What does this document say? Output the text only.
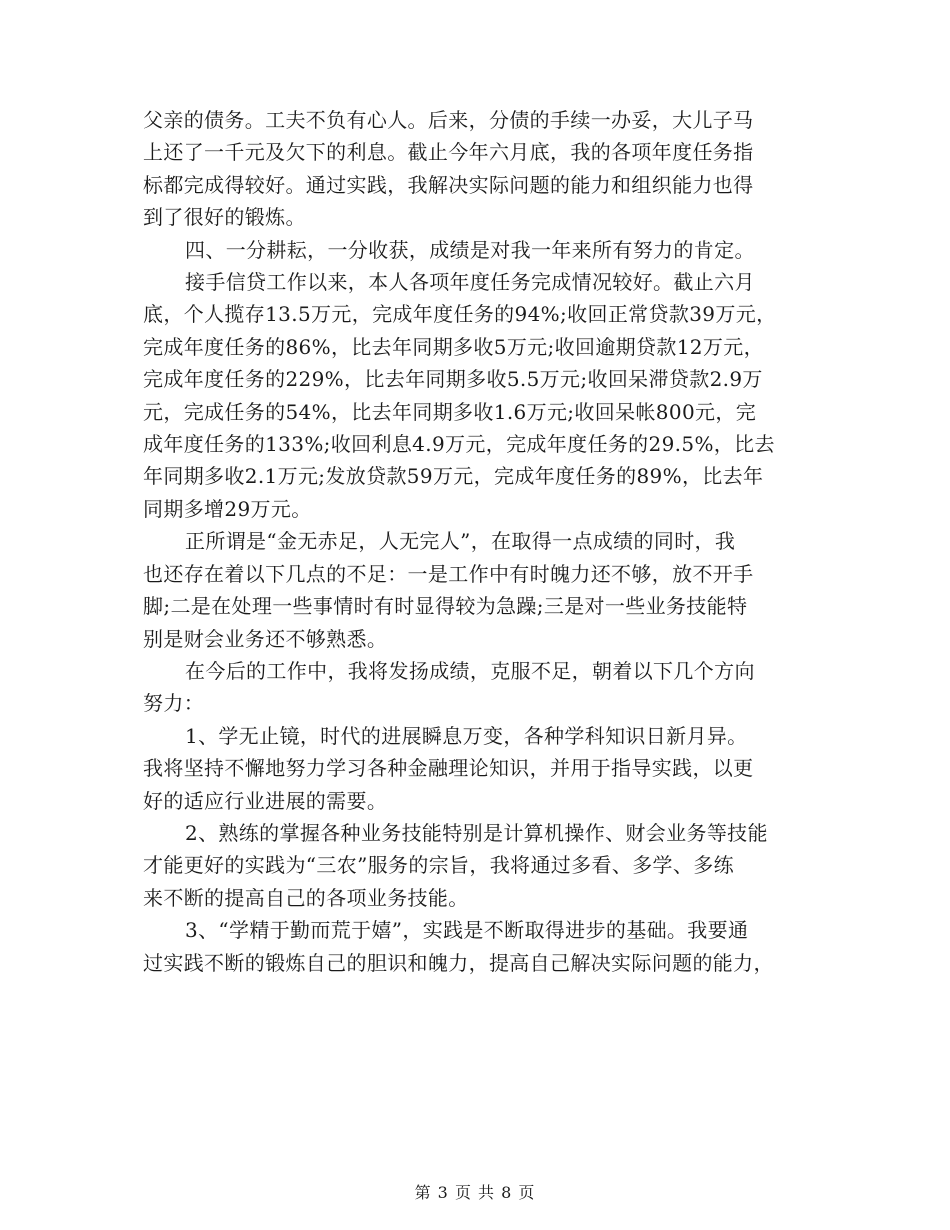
父亲的债务。工夫不负有心人。后来，分债的手续一办妥，大儿子马
上还了一千元及欠下的利息。截止今年六月底，我的各项年度任务指
标都完成得较好。通过实践，我解决实际问题的能力和组织能力也得
到了很好的锻炼。
四、一分耕耘，一分收获，成绩是对我一年来所有努力的肯定。
接手信贷工作以来，本人各项年度任务完成情况较好。截止六月
底，个人揽存13.5万元，完成年度任务的94%;收回正常贷款39万元，
完成年度任务的86%，比去年同期多收5万元;收回逾期贷款12万元，
完成年度任务的229%，比去年同期多收5.5万元;收回呆滞贷款2.9万
元，完成任务的54%，比去年同期多收1.6万元;收回呆帐800元，完
成年度任务的133%;收回利息4.9万元，完成年度任务的29.5%，比去
年同期多收2.1万元;发放贷款59万元，完成年度任务的89%，比去年
同期多增29万元。
正所谓是“金无赤足，人无完人”，在取得一点成绩的同时，我
也还存在着以下几点的不足：一是工作中有时魄力还不够，放不开手
脚;二是在处理一些事情时有时显得较为急躁;三是对一些业务技能特
别是财会业务还不够熟悉。
在今后的工作中，我将发扬成绩，克服不足，朝着以下几个方向
努力：
1、学无止镜，时代的进展瞬息万变，各种学科知识日新月异。
我将坚持不懈地努力学习各种金融理论知识，并用于指导实践，以更
好的适应行业进展的需要。
2、熟练的掌握各种业务技能特别是计算机操作、财会业务等技能
才能更好的实践为“三农”服务的宗旨，我将通过多看、多学、多练
来不断的提高自己的各项业务技能。
3、“学精于勤而荒于嬉”，实践是不断取得进步的基础。我要通
过实践不断的锻炼自己的胆识和魄力，提高自己解决实际问题的能力，
第 3 页 共 8 页
